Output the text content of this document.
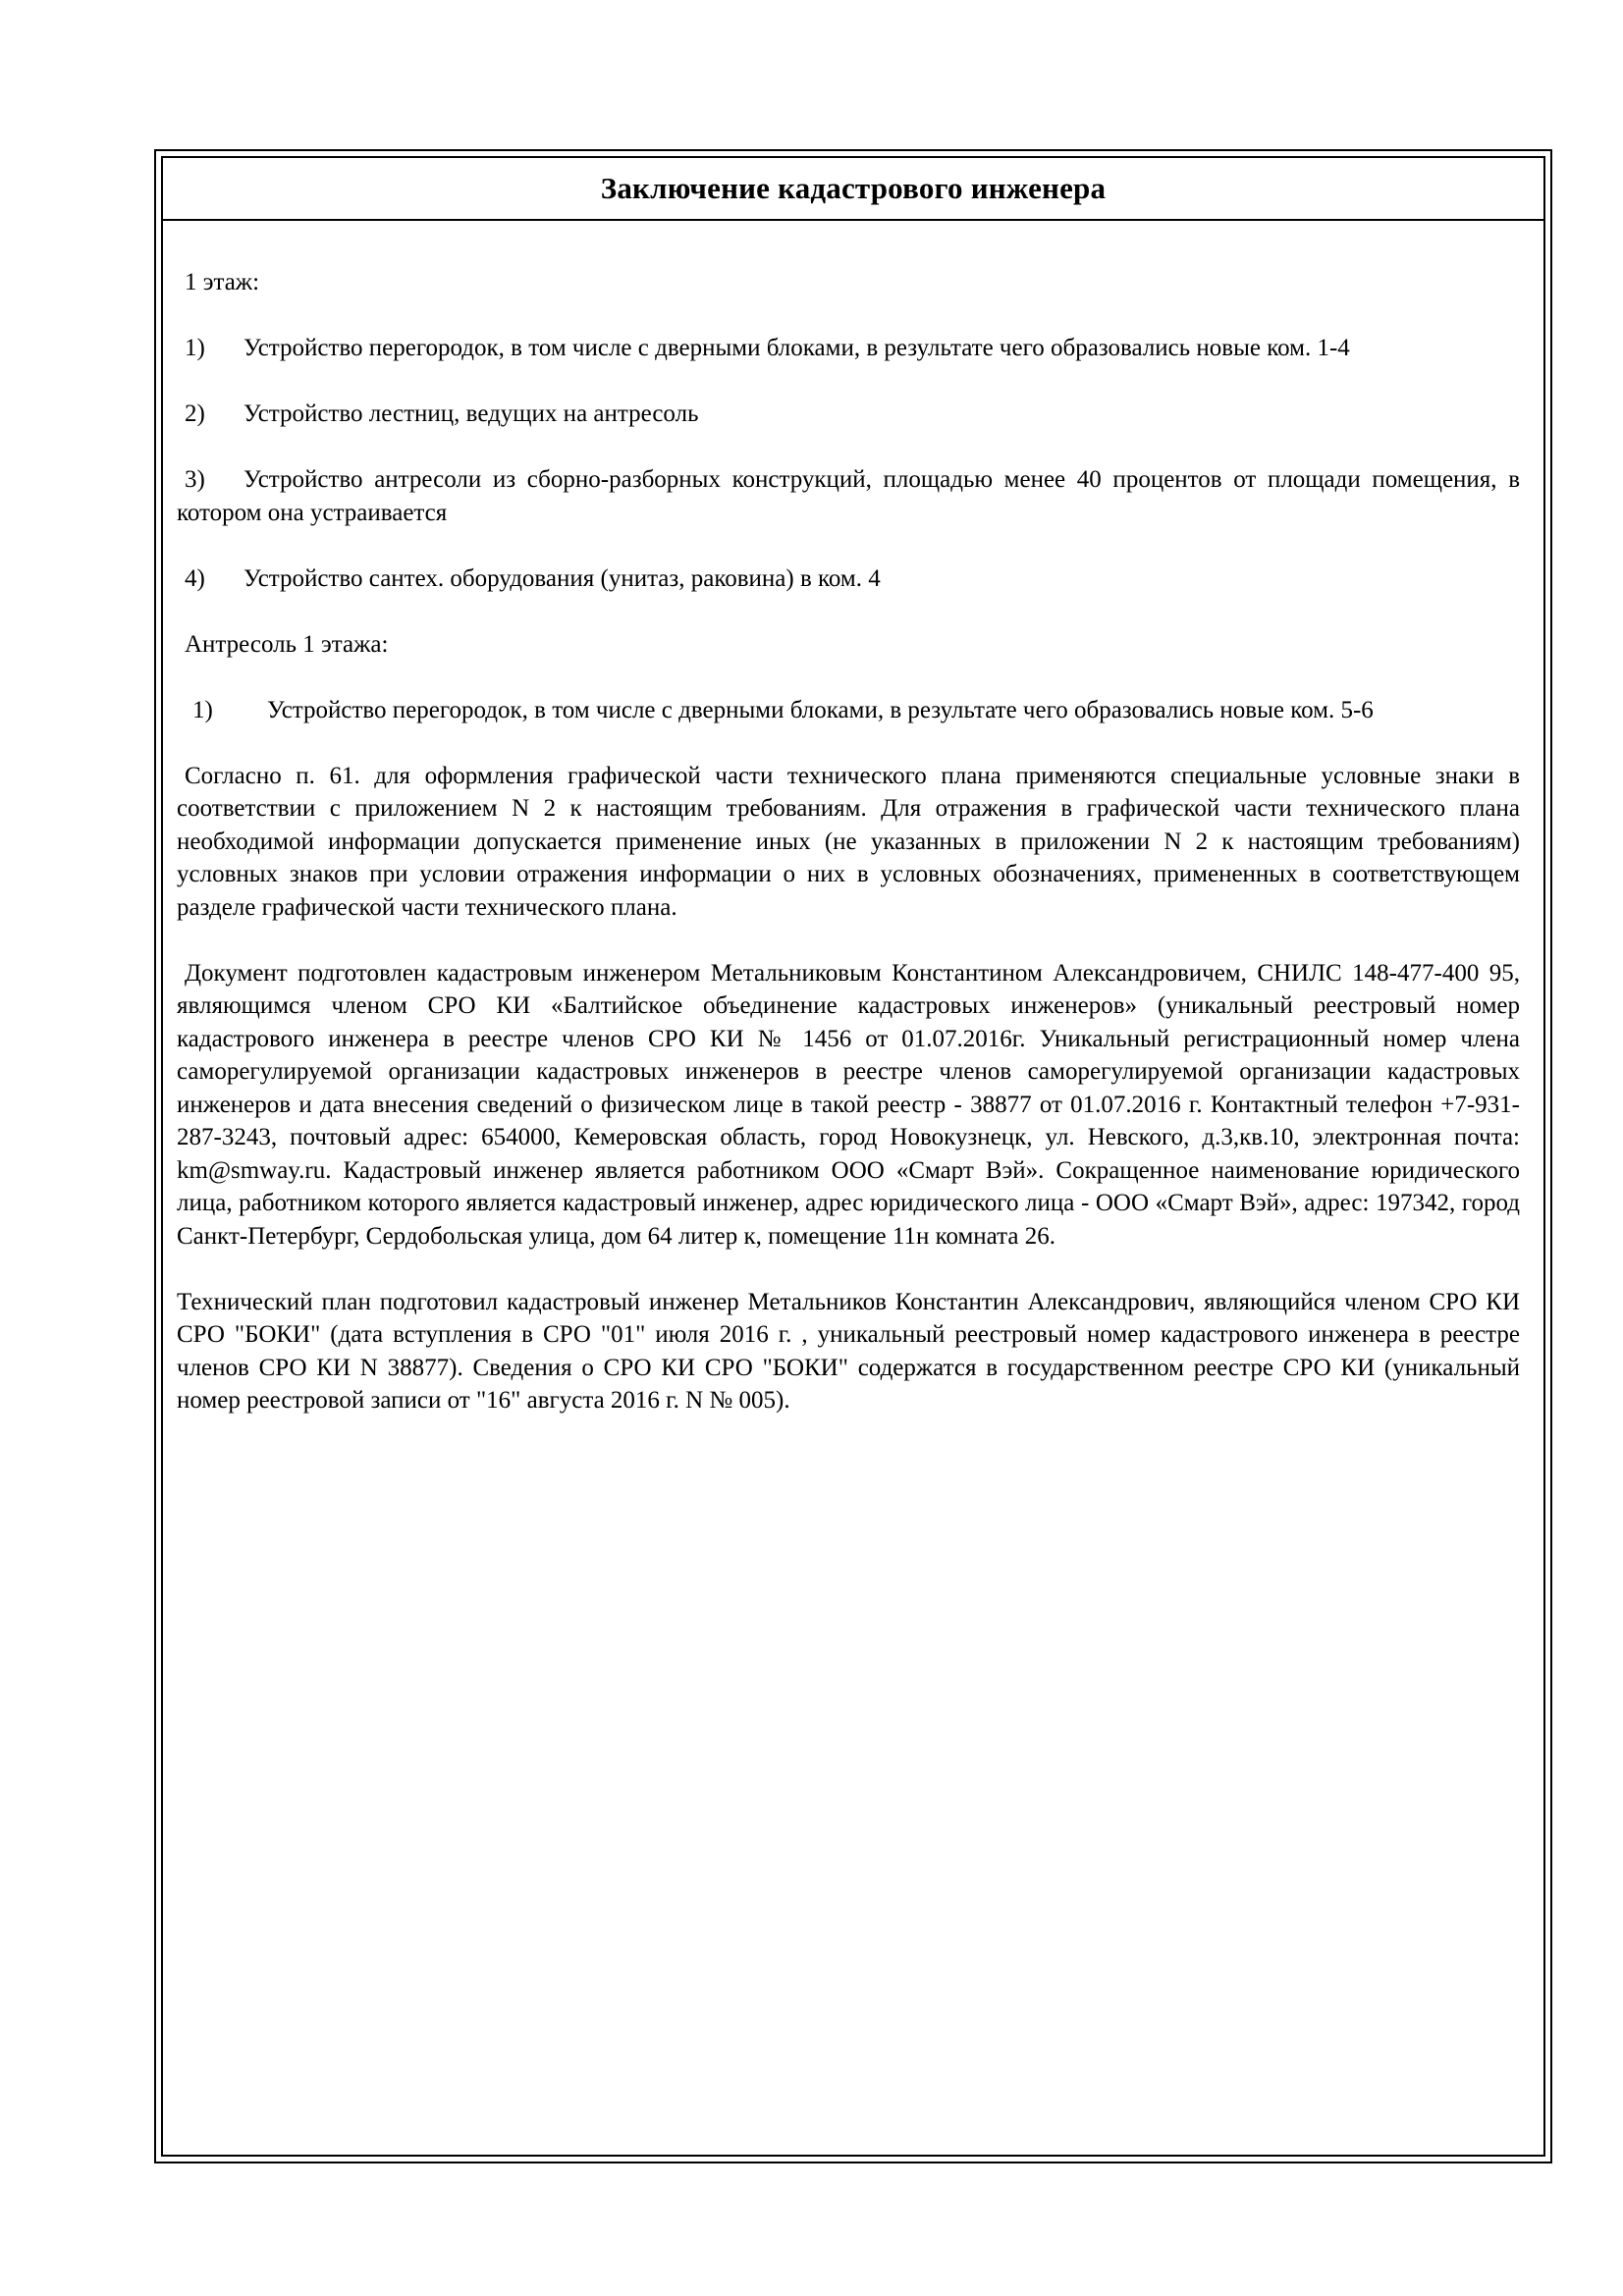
Заключение кадастрового инженера

1 этаж:

1) Устройство перегородок, в том числе с дверными блоками, в результате чего образовались новые ком. 1-4

2) Устройство лестниц, ведущих на антресоль

3) Устройство антресоли из сборно-разборных конструкций, площадью менее 40 процентов от площади помещения, в котором она устраивается

4) Устройство сантех. оборудования (унитаз, раковина) в ком. 4

Антресоль 1 этажа:

1) Устройство перегородок, в том числе с дверными блоками, в результате чего образовались новые ком. 5-6

Согласно п. 61. для оформления графической части технического плана применяются специальные условные знаки в соответствии с приложением N 2 к настоящим требованиям. Для отражения в графической части технического плана необходимой информации допускается применение иных (не указанных в приложении N 2 к настоящим требованиям) условных знаков при условии отражения информации о них в условных обозначениях, примененных в соответствующем разделе графической части технического плана.

Документ подготовлен кадастровым инженером Метальниковым Константином Александровичем, СНИЛС 148-477-400 95, являющимся членом СРО КИ «Балтийское объединение кадастровых инженеров» (уникальный реестровый номер кадастрового инженера в реестре членов СРО КИ № 1456 от 01.07.2016г. Уникальный регистрационный номер члена саморегулируемой организации кадастровых инженеров в реестре членов саморегулируемой организации кадастровых инженеров и дата внесения сведений о физическом лице в такой реестр - 38877 от 01.07.2016 г. Контактный телефон +7-931-287-3243, почтовый адрес: 654000, Кемеровская область, город Новокузнецк, ул. Невского, д.3,кв.10, электронная почта: km@smway.ru. Кадастровый инженер является работником ООО «Смарт Вэй». Сокращенное наименование юридического лица, работником которого является кадастровый инженер, адрес юридического лица - ООО «Смарт Вэй», адрес: 197342, город Санкт-Петербург, Сердобольская улица, дом 64 литер к, помещение 11н комната 26.

Технический план подготовил кадастровый инженер Метальников Константин Александрович, являющийся членом СРО КИ СРО "БОКИ" (дата вступления в СРО "01" июля 2016 г. , уникальный реестровый номер кадастрового инженера в реестре членов СРО КИ N 38877). Сведения о СРО КИ СРО "БОКИ" содержатся в государственном реестре СРО КИ (уникальный номер реестровой записи от "16" августа 2016 г. N № 005).
